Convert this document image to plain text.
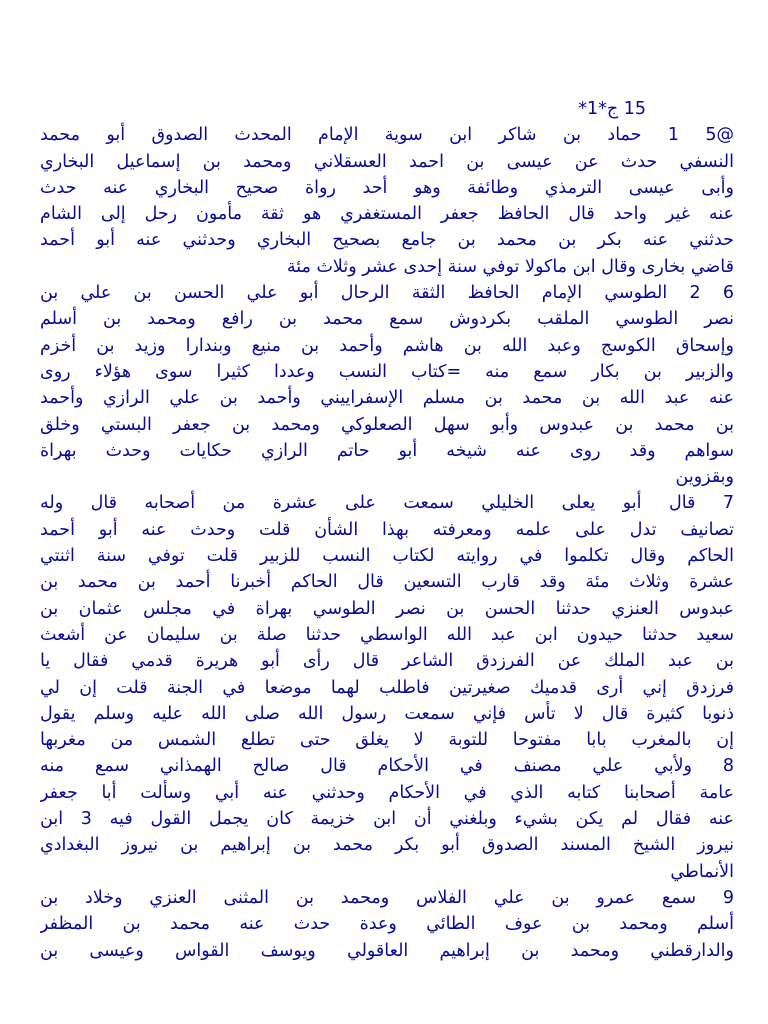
15 ج*1*
@5 1 حماد بن شاكر ابن سوية الإمام المحدث الصدوق أبو محمد
النسفي حدث عن عيسى بن احمد العسقلاني ومحمد بن إسماعيل البخاري
وأبى عيسى الترمذي وطائفة وهو أحد رواة صحيح البخاري عنه حدث
عنه غير واحد قال الحافظ جعفر المستغفري هو ثقة مأمون رحل إلى الشام
حدثني عنه بكر بن محمد بن جامع بصحيح البخاري وحدثني عنه أبو أحمد
قاضي بخارى وقال ابن ماكولا توفي سنة إحدى عشر وثلاث مئة
6 2 الطوسي الإمام الحافظ الثقة الرحال أبو علي الحسن بن علي بن
نصر الطوسي الملقب بكردوش سمع محمد بن رافع ومحمد بن أسلم
وإسحاق الكوسج وعبد الله بن هاشم وأحمد بن منيع وبندارا وزيد بن أخزم
والزبير بن بكار سمع منه =كتاب النسب وعددا كثيرا سوى هؤلاء روى
عنه عبد الله بن محمد بن مسلم الإسفراييني وأحمد بن علي الرازي وأحمد
بن محمد بن عبدوس وأبو سهل الصعلوكي ومحمد بن جعفر البستي وخلق
سواهم وقد روى عنه شيخه أبو حاتم الرازي حكايات وحدث بهراة
وبقزوين
7 قال أبو يعلى الخليلي سمعت على عشرة من أصحابه قال وله
تصانيف تدل على علمه ومعرفته بهذا الشأن قلت وحدث عنه أبو أحمد
الحاكم وقال تكلموا في روايته لكتاب النسب للزبير قلت توفي سنة اثنتي
عشرة وثلاث مئة وقد قارب التسعين قال الحاكم أخبرنا أحمد بن محمد بن
عبدوس العنزي حدثنا الحسن بن نصر الطوسي بهراة في مجلس عثمان بن
سعيد حدثنا حيدون ابن عبد الله الواسطي حدثنا صلة بن سليمان عن أشعث
بن عبد الملك عن الفرزدق الشاعر قال رأى أبو هريرة قدمي فقال يا
فرزدق إني أرى قدميك صغيرتين فاطلب لهما موضعا في الجنة قلت إن لي
ذنوبا كثيرة قال لا تأس فإني سمعت رسول الله صلى الله عليه وسلم يقول
إن بالمغرب بابا مفتوحا للتوبة لا يغلق حتى تطلع الشمس من مغربها
8 ولأبي علي مصنف في الأحكام قال صالح الهمذاني سمع منه
عامة أصحابنا كتابه الذي في الأحكام وحدثني عنه أبي وسألت أبا جعفر
عنه فقال لم يكن بشيء وبلغني أن ابن خزيمة كان يجمل القول فيه 3 ابن
نيروز الشيخ المسند الصدوق أبو بكر محمد بن إبراهيم بن نيروز البغدادي
الأنماطي
9 سمع عمرو بن علي الفلاس ومحمد بن المثنى العنزي وخلاد بن
أسلم ومحمد بن عوف الطائي وعدة حدث عنه محمد بن المظفر
والدارقطني ومحمد بن إبراهيم العاقولي ويوسف القواس وعيسى بن
